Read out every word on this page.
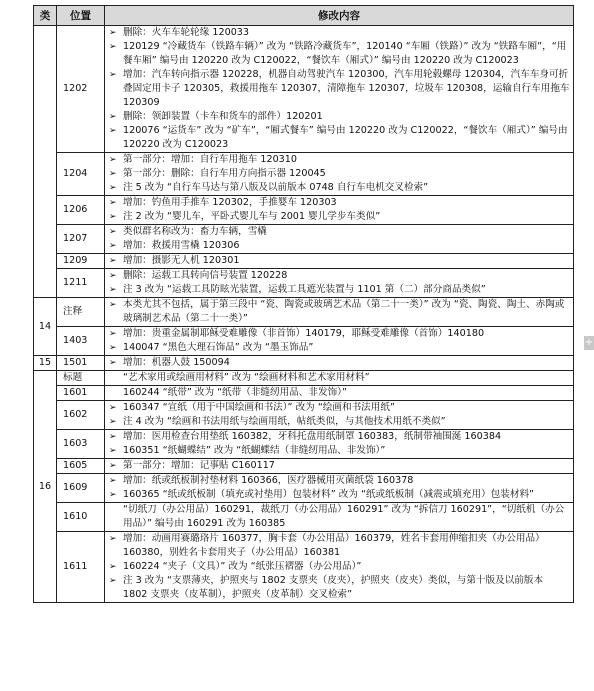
类	位置	修改内容
	1202	➢ 删除：火车车轮轮缘 120033
➢ 120129 “冷藏货车（铁路车辆）” 改为 “铁路冷藏货车”，120140 “车厢（铁路）” 改为 “铁路车厢”，“用餐车厢” 编号由 120220 改为 C120022，“餐饮车（厢式）” 编号由 120220 改为 C120023
➢ 增加：汽车转向指示器 120228，机器自动驾驶汽车 120300，汽车用轮毂螺母 120304，汽车车身可折叠固定用卡子 120305，救援用拖车 120307，清障拖车 120307，垃圾车 120308，运输自行车用拖车 120309
➢ 删除：领卸装置（卡车和货车的部件）120201
➢ 120076 “运货车” 改为 “矿车”，“厢式餐车” 编号由 120220 改为 C120022，“餐饮车（厢式）” 编号由 120220 改为 C120023

	1204	➢ 第一部分：增加：自行车用拖车 120310
➢ 第一部分：删除：自行车用方向指示器 120045
➢ 注 5 改为 “自行车马达与第八版及以前版本 0748 自行车电机交叉检索”

	1206	➢ 增加：钓鱼用手推车 120302，手推婴车 120303
➢ 注 2 改为 “婴儿车，平卧式婴儿车与 2001 婴儿学步车类似”

	1207	➢ 类似群名称改为：畜力车辆，雪橇
➢ 增加：救援用雪橇 120306

	1209	➢ 增加：摄影无人机 120301

	1211	➢ 删除：运载工具转向信号装置 120228
➢ 注 3 改为 “运载工具防眩光装置，运载工具遮光装置与 1101 第（二）部分商品类似”

14	注释	➢ 本类尤其不包括，属于第三段中 “瓷、陶瓷或玻璃艺术品（第二十一类）” 改为 “瓷、陶瓷、陶土、赤陶或玻璃制艺术品（第二十一类）”

	1403	➢ 增加：贵重金属制耶稣受难雕像（非首饰）140179，耶稣受难雕像（首饰）140180
➢ 140047 “黑色大理石饰品” 改为 “墨玉饰品”

15	1501	➢ 增加：机器人鼓 150094

16	标题	“艺术家用或绘画用材料” 改为 “绘画材料和艺术家用材料”

	1601	160244 “纸带” 改为 “纸带（非缝纫用品、非发饰）”

	1602	➢ 160347 “宣纸（用于中国绘画和书法）” 改为 “绘画和书法用纸”
➢ 注 4 改为 “绘画和书法用纸与绘画用纸，帖纸类似，与其他技术用纸不类似”

	1603	➢ 增加：医用检查台用垫纸 160382，牙科托盘用纸制罩 160383，纸制带袖围涎 160384
➢ 160351 “纸蝴蝶结” 改为 “纸蝴蝶结（非缝纫用品、非发饰）”

	1605	➢ 第一部分：增加：记事贴 C160117

	1609	➢ 增加：纸或纸板制衬垫材料 160366，医疗器械用灭菌纸袋 160378
➢ 160365 “纸或纸板制（填充或衬垫用）包装材料” 改为 “纸或纸板制（减震或填充用）包装材料”

	1610	“切纸刀（办公用品）160291，裁纸刀（办公用品）160291” 改为 “拆信刀 160291”，“切纸机（办公用品）” 编号由 160291 改为 160385

	1611	➢ 增加：动画用赛璐珞片 160377，胸卡套（办公用品）160379，姓名卡套用伸缩扣夹（办公用品）160380，别姓名卡套用夹子（办公用品）160381
➢ 160224 “夹子（文具）” 改为 “纸张压褶器（办公用品）”
➢ 注 3 改为 “支票薄夹，护照夹与 1802 支票夹（皮夹），护照夹（皮夹）类似，与第十版及以前版本 1802 支票夹（皮革制），护照夹（皮革制）交叉检索”
+
